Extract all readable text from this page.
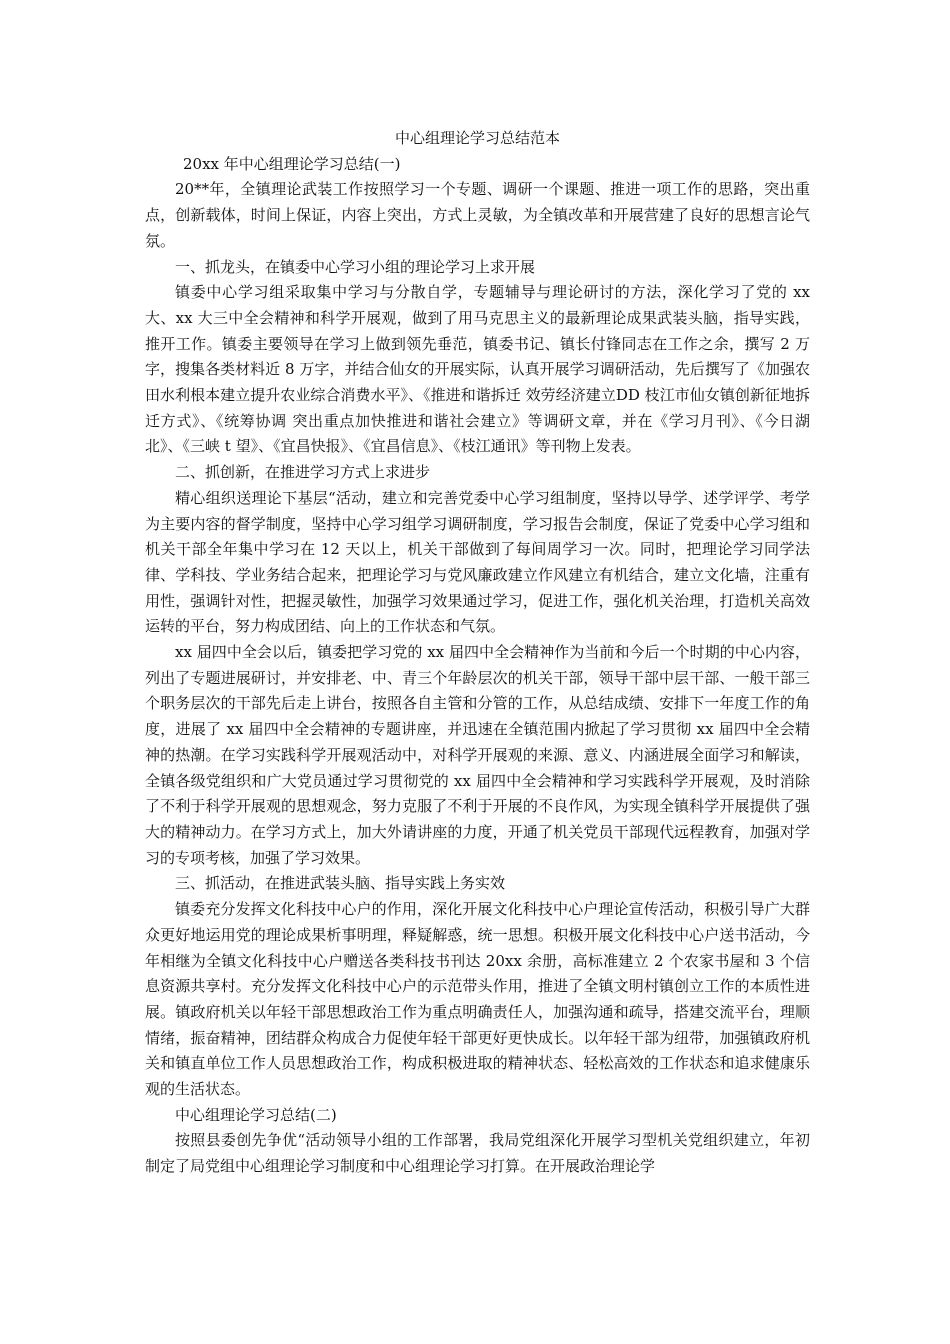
中心组理论学习总结范本

20xx 年中心组理论学习总结(一)

20**年，全镇理论武装工作按照学习一个专题、调研一个课题、推进一项工作的思路，突出重点，创新载体，时间上保证，内容上突出，方式上灵敏，为全镇改革和开展营建了良好的思想言论气氛。

一、抓龙头，在镇委中心学习小组的理论学习上求开展

镇委中心学习组采取集中学习与分散自学，专题辅导与理论研讨的方法，深化学习了党的 xx 大、xx 大三中全会精神和科学开展观，做到了用马克思主义的最新理论成果武装头脑，指导实践，推开工作。镇委主要领导在学习上做到领先垂范，镇委书记、镇长付锋同志在工作之余，撰写 2 万字，搜集各类材料近 8 万字，并结合仙女的开展实际，认真开展学习调研活动，先后撰写了《加强农田水利根本建立提升农业综合消费水平》、《推进和谐拆迁 效劳经济建立DD 枝江市仙女镇创新征地拆迁方式》、《统筹协调 突出重点加快推进和谐社会建立》等调研文章，并在《学习月刊》、《今日湖北》、《三峡 t 望》、《宜昌快报》、《宜昌信息》、《枝江通讯》等刊物上发表。

二、抓创新，在推进学习方式上求进步

精心组织送理论下基层“活动，建立和完善党委中心学习组制度，坚持以导学、述学评学、考学为主要内容的督学制度，坚持中心学习组学习调研制度，学习报告会制度，保证了党委中心学习组和机关干部全年集中学习在 12 天以上，机关干部做到了每间周学习一次。同时，把理论学习同学法律、学科技、学业务结合起来，把理论学习与党风廉政建立作风建立有机结合，建立文化墙，注重有用性，强调针对性，把握灵敏性，加强学习效果通过学习，促进工作，强化机关治理，打造机关高效运转的平台，努力构成团结、向上的工作状态和气氛。

xx 届四中全会以后，镇委把学习党的 xx 届四中全会精神作为当前和今后一个时期的中心内容，列出了专题进展研讨，并安排老、中、青三个年龄层次的机关干部，领导干部中层干部、一般干部三个职务层次的干部先后走上讲台，按照各自主管和分管的工作，从总结成绩、安排下一年度工作的角度，进展了 xx 届四中全会精神的专题讲座，并迅速在全镇范围内掀起了学习贯彻 xx 届四中全会精神的热潮。在学习实践科学开展观活动中，对科学开展观的来源、意义、内涵进展全面学习和解读，全镇各级党组织和广大党员通过学习贯彻党的 xx 届四中全会精神和学习实践科学开展观，及时消除了不利于科学开展观的思想观念，努力克服了不利于开展的不良作风，为实现全镇科学开展提供了强大的精神动力。在学习方式上，加大外请讲座的力度，开通了机关党员干部现代远程教育，加强对学习的专项考核，加强了学习效果。

三、抓活动，在推进武装头脑、指导实践上务实效

镇委充分发挥文化科技中心户的作用，深化开展文化科技中心户理论宣传活动，积极引导广大群众更好地运用党的理论成果析事明理，释疑解惑，统一思想。积极开展文化科技中心户送书活动，今年相继为全镇文化科技中心户赠送各类科技书刊达 20xx 余册，高标准建立 2 个农家书屋和 3 个信息资源共享村。充分发挥文化科技中心户的示范带头作用，推进了全镇文明村镇创立工作的本质性进展。镇政府机关以年轻干部思想政治工作为重点明确责任人，加强沟通和疏导，搭建交流平台，理顺情绪，振奋精神，团结群众构成合力促使年轻干部更好更快成长。以年轻干部为纽带，加强镇政府机关和镇直单位工作人员思想政治工作，构成积极进取的精神状态、轻松高效的工作状态和追求健康乐观的生活状态。

中心组理论学习总结(二)

按照县委创先争优“活动领导小组的工作部署，我局党组深化开展学习型机关党组织建立，年初制定了局党组中心组理论学习制度和中心组理论学习打算。在开展政治理论学
